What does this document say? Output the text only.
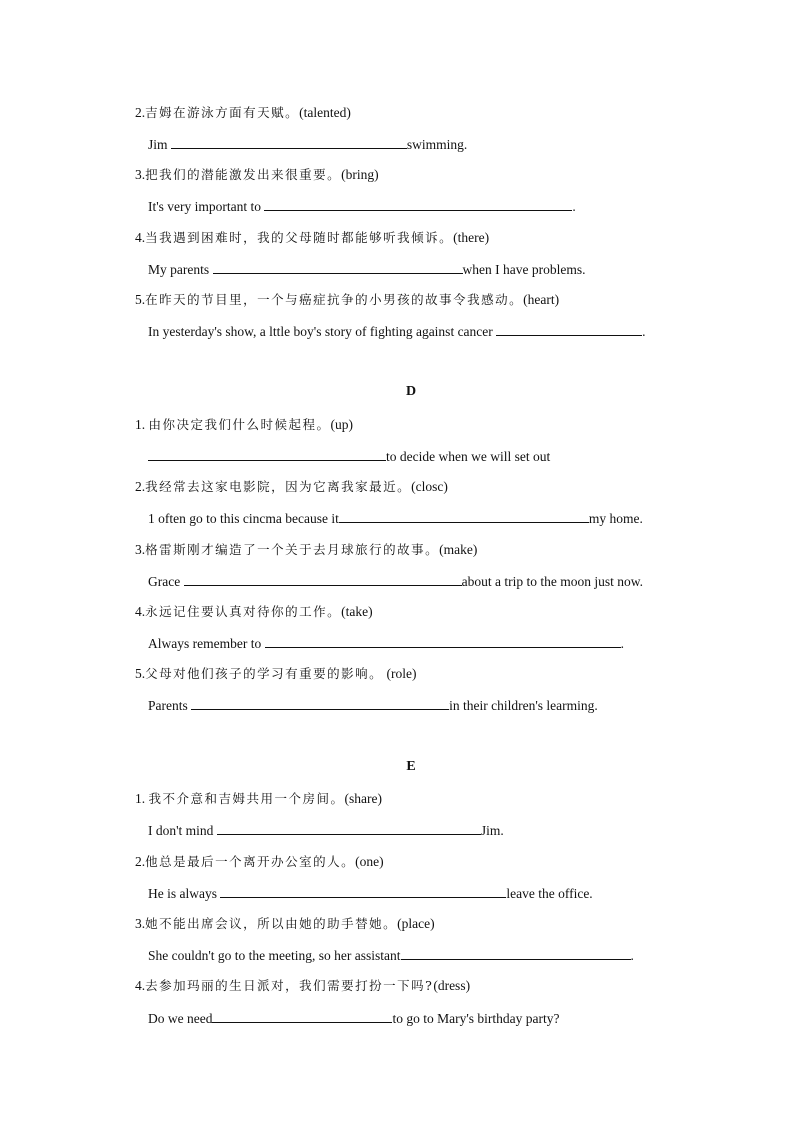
2.吉姆在游泳方面有天赋。(talented)
Jim	swimming.
3.把我们的潜能激发出来很重要。(bring)
It's very important to	.
4.当我遇到困难时，我的父母随时都能够听我倾诉。(there)
My parents	when I have problems.
5.在昨天的节目里，一个与癌症抗争的小男孩的故事令我感动。(heart)
In yesterday's show, a lttle boy's story of fighting against cancer	.
D
1. 由你决定我们什么时候起程。(up)
to decide when we will set out
2.我经常去这家电影院，因为它离我家最近。(closc)
1 often go to this cincma because it	my home.
3.格雷斯刚才编造了一个关于去月球旅行的故事。(make)
Grace	about a trip to the moon just now.
4.永远记住要认真对待你的工作。(take)
Always remember to	.
5.父母对他们孩子的学习有重要的影响。 (role)
Parents	in their children's learming.
E
1. 我不介意和吉姆共用一个房间。(share)
I don't mind	Jim.
2.他总是最后一个离开办公室的人。(one)
He is always	leave the office.
3.她不能出席会议，所以由她的助手替她。(place)
She couldn't go to the meeting, so her assistant	.
4.去参加玛丽的生日派对，我们需要打扮一下吗?(dress)
Do we need	to go to Mary's birthday party?
